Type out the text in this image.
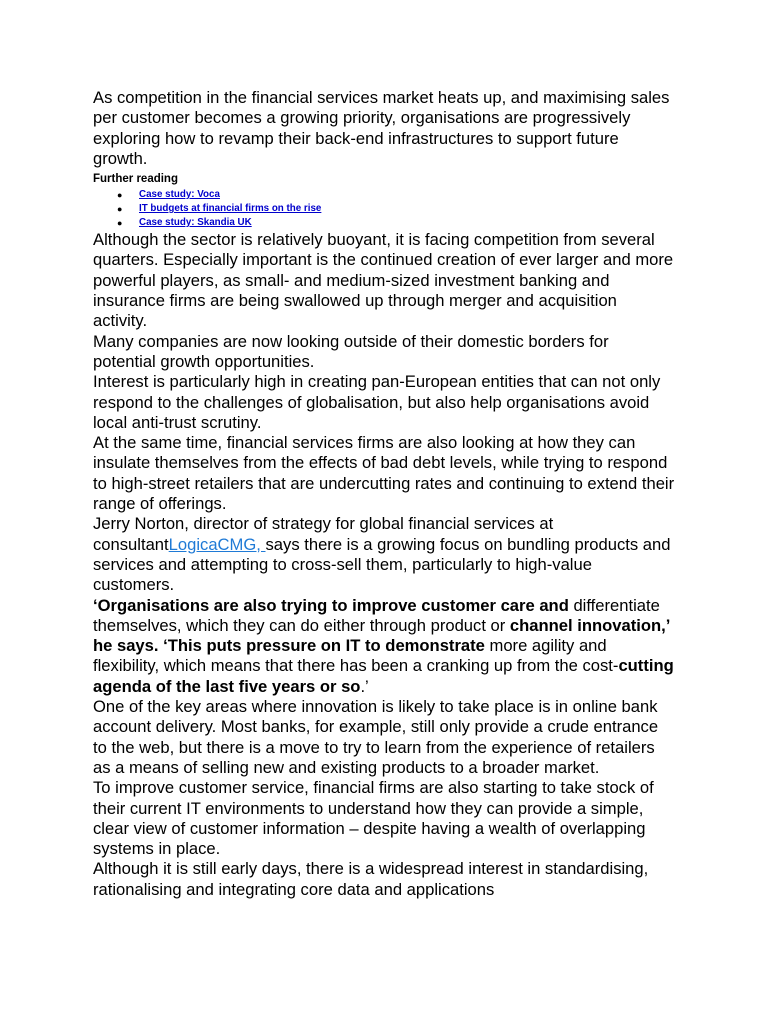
As competition in the financial services market heats up, and maximising sales per customer becomes a growing priority, organisations are progressively exploring how to revamp their back-end infrastructures to support future growth.

Further reading
● Case study: Voca
● IT budgets at financial firms on the rise
● Case study: Skandia UK

Although the sector is relatively buoyant, it is facing competition from several quarters. Especially important is the continued creation of ever larger and more powerful players, as small- and medium-sized investment banking and insurance firms are being swallowed up through merger and acquisition activity.

Many companies are now looking outside of their domestic borders for potential growth opportunities.

Interest is particularly high in creating pan-European entities that can not only respond to the challenges of globalisation, but also help organisations avoid local anti-trust scrutiny.

At the same time, financial services firms are also looking at how they can insulate themselves from the effects of bad debt levels, while trying to respond to high-street retailers that are undercutting rates and continuing to extend their range of offerings.

Jerry Norton, director of strategy for global financial services at consultantLogicaCMG, says there is a growing focus on bundling products and services and attempting to cross-sell them, particularly to high-value customers.

‘Organisations are also trying to improve customer care and differentiate themselves, which they can do either through product or channel innovation,’ he says. ‘This puts pressure on IT to demonstrate more agility and flexibility, which means that there has been a cranking up from the cost-cutting agenda of the last five years or so.’

One of the key areas where innovation is likely to take place is in online bank account delivery. Most banks, for example, still only provide a crude entrance to the web, but there is a move to try to learn from the experience of retailers as a means of selling new and existing products to a broader market.

To improve customer service, financial firms are also starting to take stock of their current IT environments to understand how they can provide a simple, clear view of customer information – despite having a wealth of overlapping systems in place.

Although it is still early days, there is a widespread interest in standardising, rationalising and integrating core data and applications
